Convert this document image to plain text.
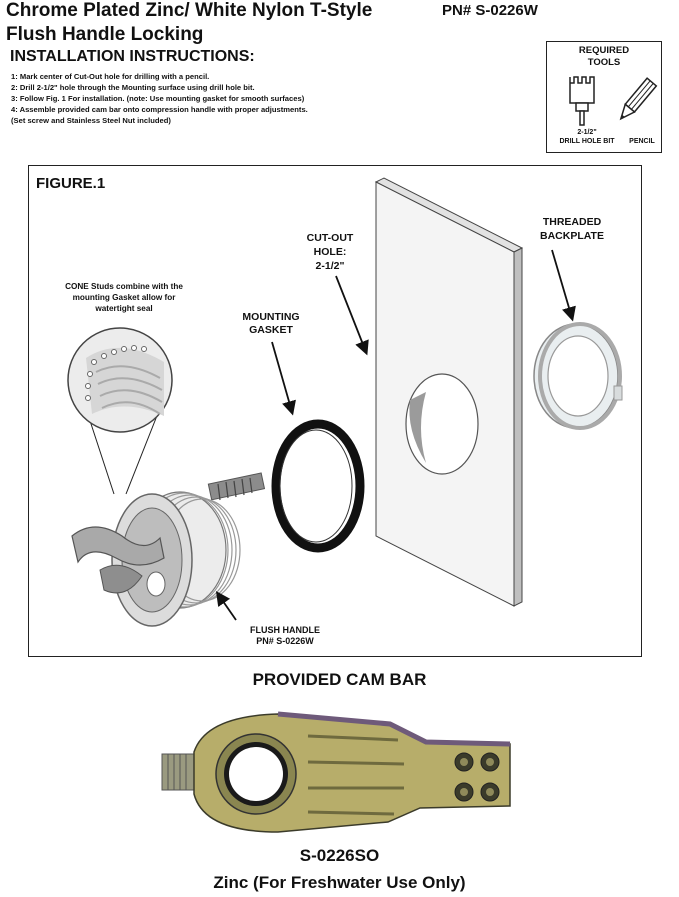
Chrome Plated Zinc/ White Nylon T-Style
Flush Handle Locking
PN# S-0226W
INSTALLATION INSTRUCTIONS:
1: Mark center of Cut-Out hole for drilling with a pencil.
2: Drill 2-1/2" hole through the Mounting surface using drill hole bit.
3: Follow Fig. 1 For installation. (note: Use mounting gasket for smooth surfaces)
4: Assemble provided cam bar onto compression handle with proper adjustments.
(Set screw and Stainless Steel Nut included)
REQUIRED TOOLS
2-1/2"
DRILL HOLE BIT	PENCIL
FIGURE.1
CONE Studs combine with the
mounting Gasket allow for
watertight seal
MOUNTING
GASKET
CUT-OUT
HOLE:
2-1/2"
THREADED
BACKPLATE
FLUSH HANDLE
PN# S-0226W
PROVIDED CAM BAR
S-0226SO
Zinc (For Freshwater Use Only)
